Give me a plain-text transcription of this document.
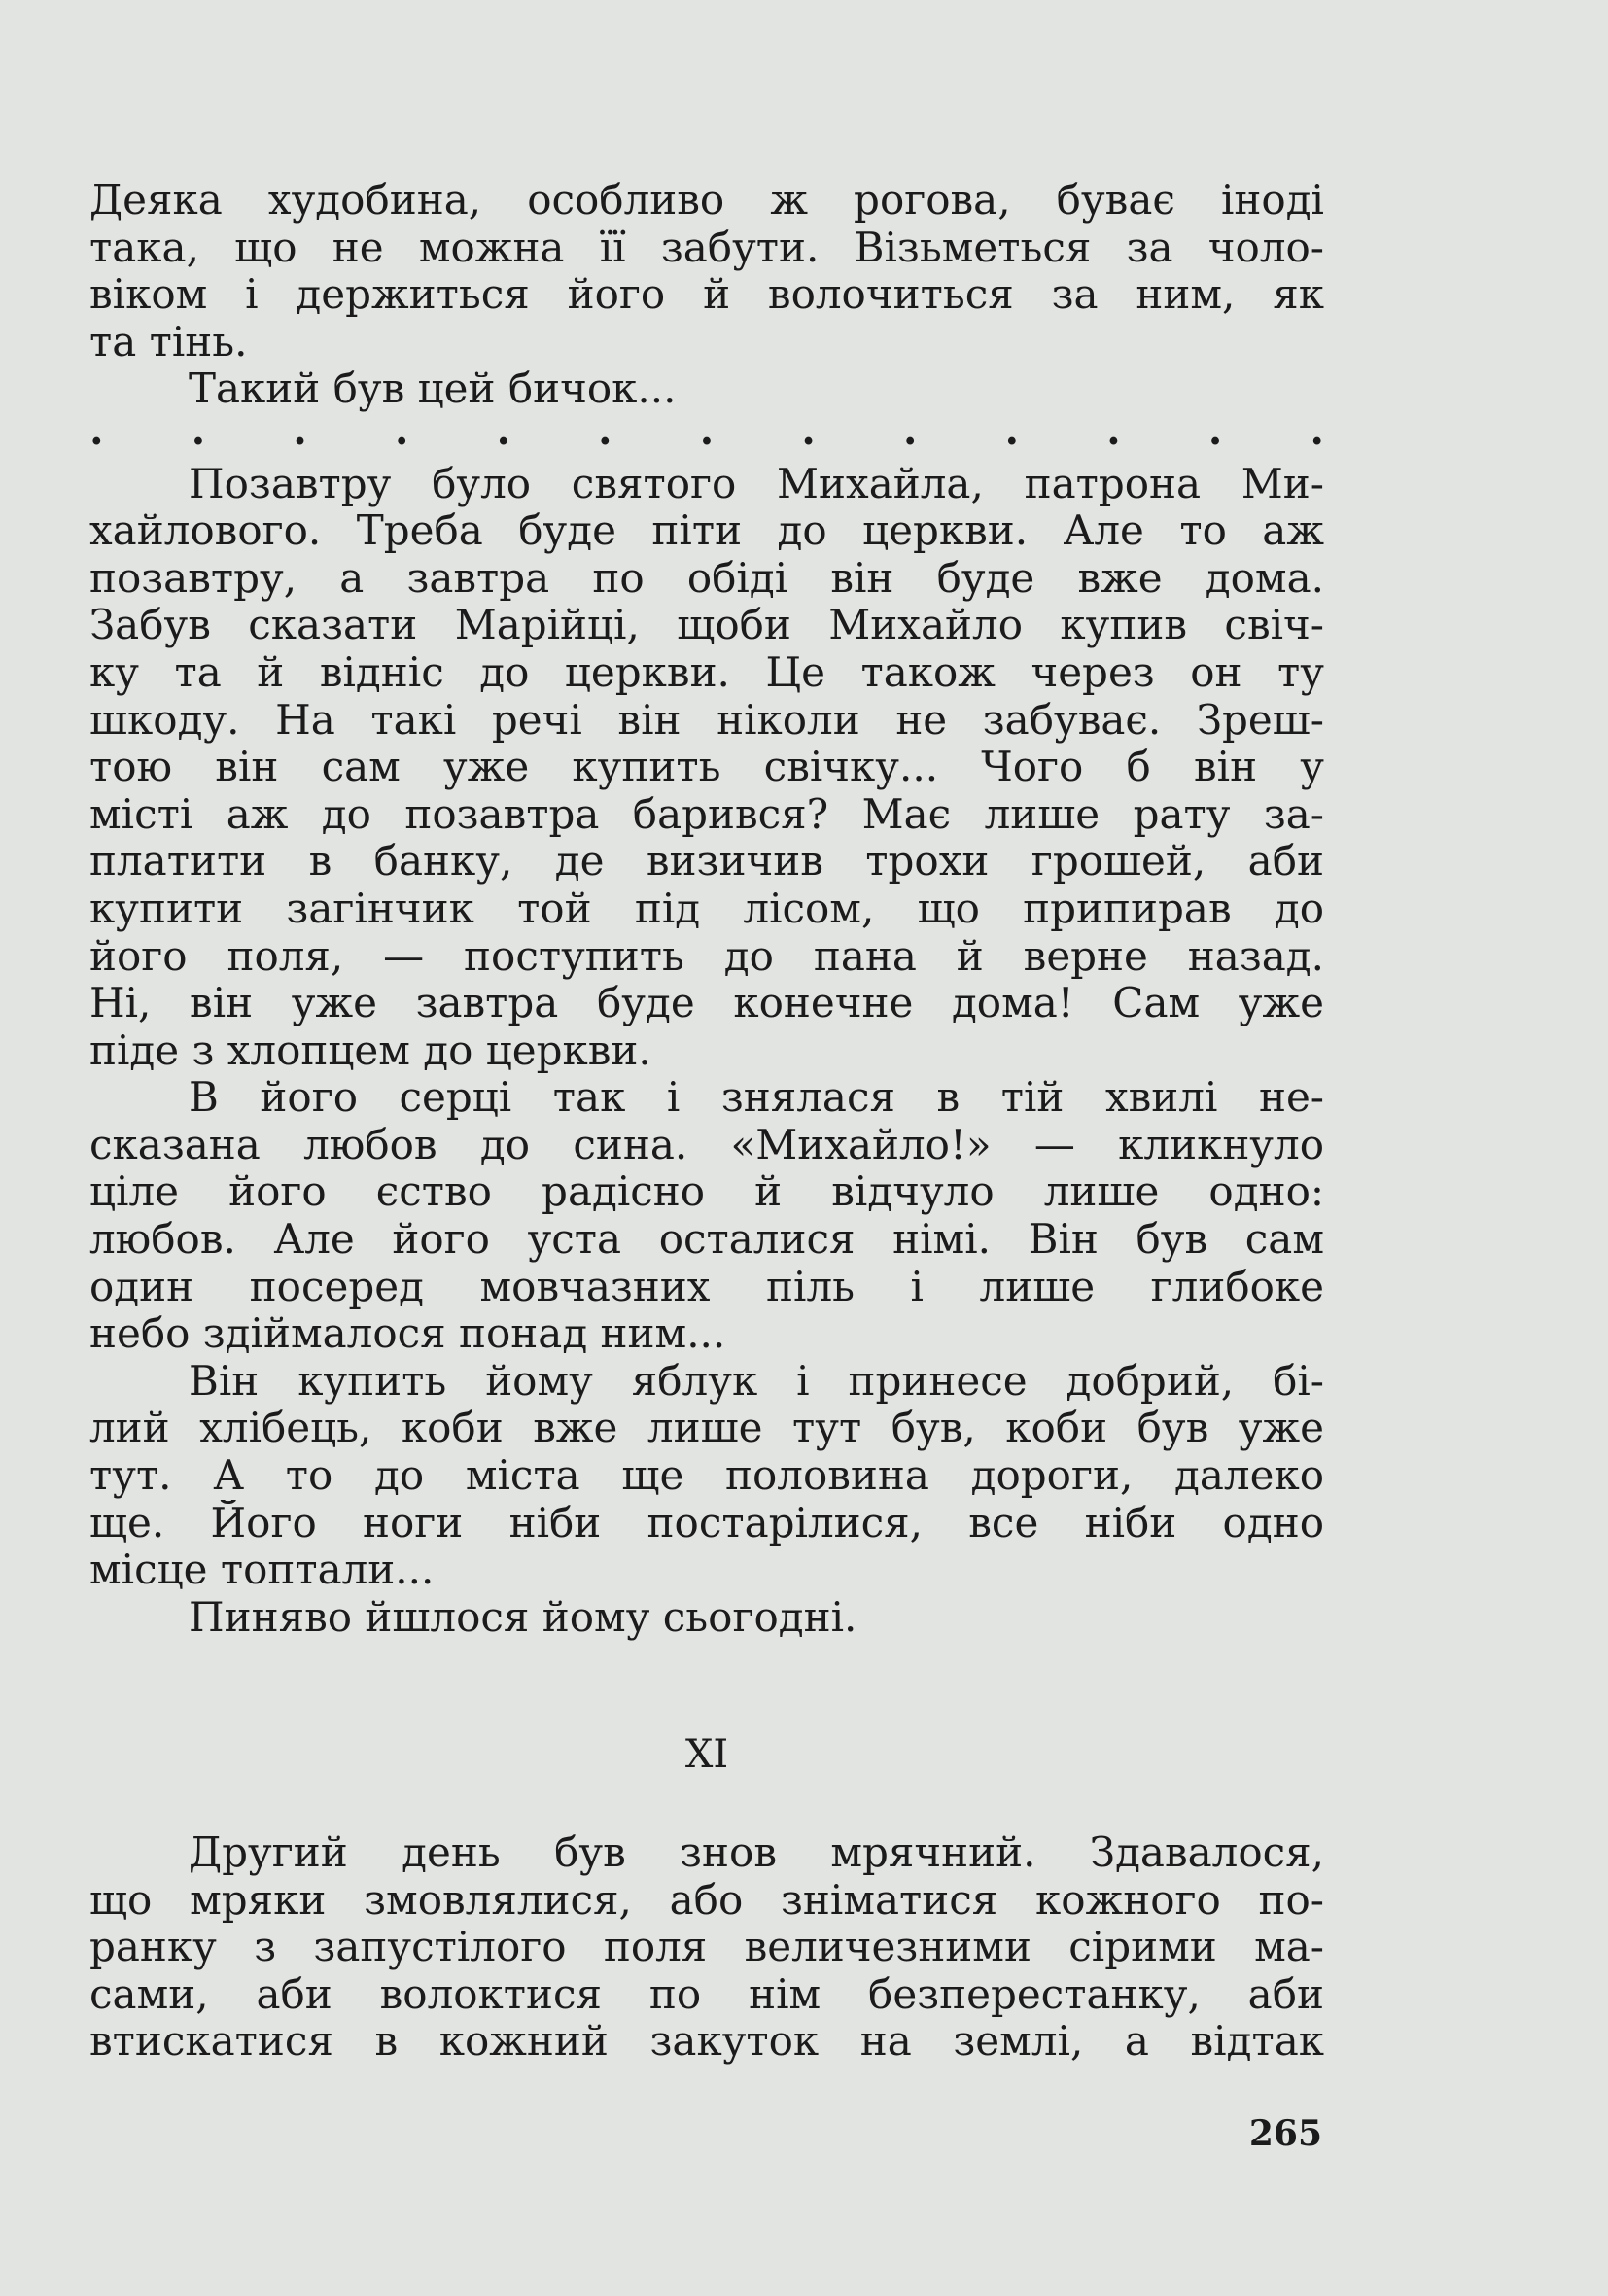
Деяка худобина, особливо ж рогова, буває іноді
така, що не можна її забути. Візьметься за чоло-
віком і держиться його й волочиться за ним, як
та тінь.
Такий був цей бичок...
. . . . . . . . . . . . .
Позавтру було святого Михайла, патрона Ми-
хайлового. Треба буде піти до церкви. Але то аж
позавтру, а завтра по обіді він буде вже дома.
Забув сказати Марійці, щоби Михайло купив свіч-
ку та й відніс до церкви. Це також через он ту
шкоду. На такі речі він ніколи не забуває. Зреш-
тою він сам уже купить свічку... Чого б він у
місті аж до позавтра барився? Має лише рату за-
платити в банку, де визичив трохи грошей, аби
купити загінчик той під лісом, що припирав до
його поля, — поступить до пана й верне назад.
Ні, він уже завтра буде конечне дома! Сам уже
піде з хлопцем до церкви.
В його серці так і знялася в тій хвилі не-
сказана любов до сина. «Михайло!» — кликнуло
ціле його єство радісно й відчуло лише одно:
любов. Але його уста осталися німі. Він був сам
один посеред мовчазних піль і лише глибоке
небо здіймалося понад ним...
Він купить йому яблук і принесе добрий, бі-
лий хлібець, коби вже лише тут був, коби був уже
тут. А то до міста ще половина дороги, далеко
ще. Його ноги ніби постарілися, все ніби одно
місце топтали...
Пиняво йшлося йому сьогодні.
XI
Другий день був знов мрячний. Здавалося,
що мряки змовлялися, або зніматися кожного по-
ранку з запустілого поля величезними сірими ма-
сами, аби волоктися по нім безперестанку, аби
втискатися в кожний закуток на землі, а відтак
265
